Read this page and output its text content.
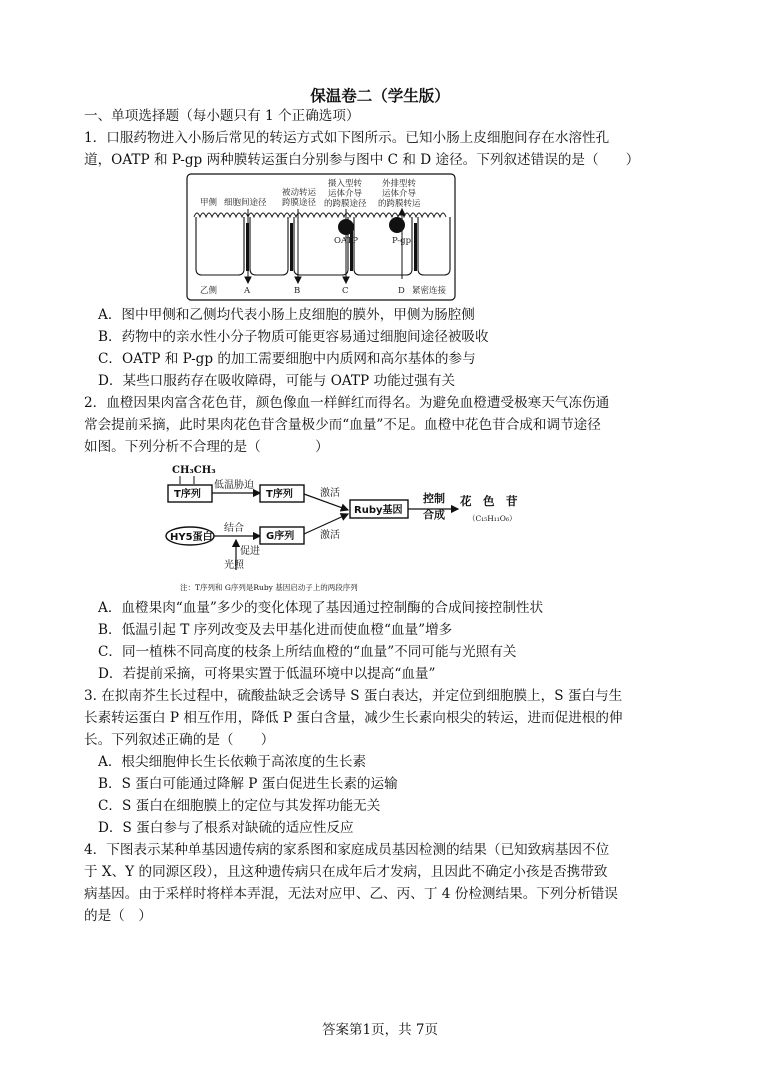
保温卷二（学生版）
一、单项选择题（每小题只有 1 个正确选项）
1．口服药物进入小肠后常见的转运方式如下图所示。已知小肠上皮细胞间存在水溶性孔
道，OATP 和 P-gp 两种膜转运蛋白分别参与图中 C 和 D 途径。下列叙述错误的是（　　）
甲侧 细胞间途径
被动转运
跨膜途径
摄入型转
运体介导
的跨膜途径
外排型转
运体介导
的跨膜转运
OATP	P-gp
乙侧	A	B	C	D 紧密连接
A．图中甲侧和乙侧均代表小肠上皮细胞的膜外，甲侧为肠腔侧
B．药物中的亲水性小分子物质可能更容易通过细胞间途径被吸收
C．OATP 和 P-gp 的加工需要细胞中内质网和高尔基体的参与
D．某些口服药存在吸收障碍，可能与 OATP 功能过强有关
2．血橙因果肉富含花色苷，颜色像血一样鲜红而得名。为避免血橙遭受极寒天气冻伤通
常会提前采摘，此时果肉花色苷含量极少而“血量”不足。血橙中花色苷合成和调节途径
如图。下列分析不合理的是（　　　　）
CH₃CH₃
T序列
低温胁迫
T序列	激活
Ruby基因
控制
合成
花　色　苷
（C₁₅H₁₁O₆）
HY5蛋白
结合
G序列	激活
促进
光照
注：T序列和 G序列是Ruby 基因启动子上的两段序列
A．血橙果肉“血量”多少的变化体现了基因通过控制酶的合成间接控制性状
B．低温引起 T 序列改变及去甲基化进而使血橙“血量”增多
C．同一植株不同高度的枝条上所结血橙的“血量”不同可能与光照有关
D．若提前采摘，可将果实置于低温环境中以提高“血量”
3. 在拟南芥生长过程中，硫酸盐缺乏会诱导 S 蛋白表达，并定位到细胞膜上，S 蛋白与生
长素转运蛋白 P 相互作用，降低 P 蛋白含量，减少生长素向根尖的转运，进而促进根的伸
长。下列叙述正确的是（　　）
A．根尖细胞伸长生长依赖于高浓度的生长素
B．S 蛋白可能通过降解 P 蛋白促进生长素的运输
C．S 蛋白在细胞膜上的定位与其发挥功能无关
D．S 蛋白参与了根系对缺硫的适应性反应
4．下图表示某种单基因遗传病的家系图和家庭成员基因检测的结果（已知致病基因不位
于 X、Y 的同源区段），且这种遗传病只在成年后才发病，且因此不确定小孩是否携带致
病基因。由于采样时将样本弄混，无法对应甲、乙、丙、丁 4 份检测结果。下列分析错误
的是（　）
答案第1页，共 7页
